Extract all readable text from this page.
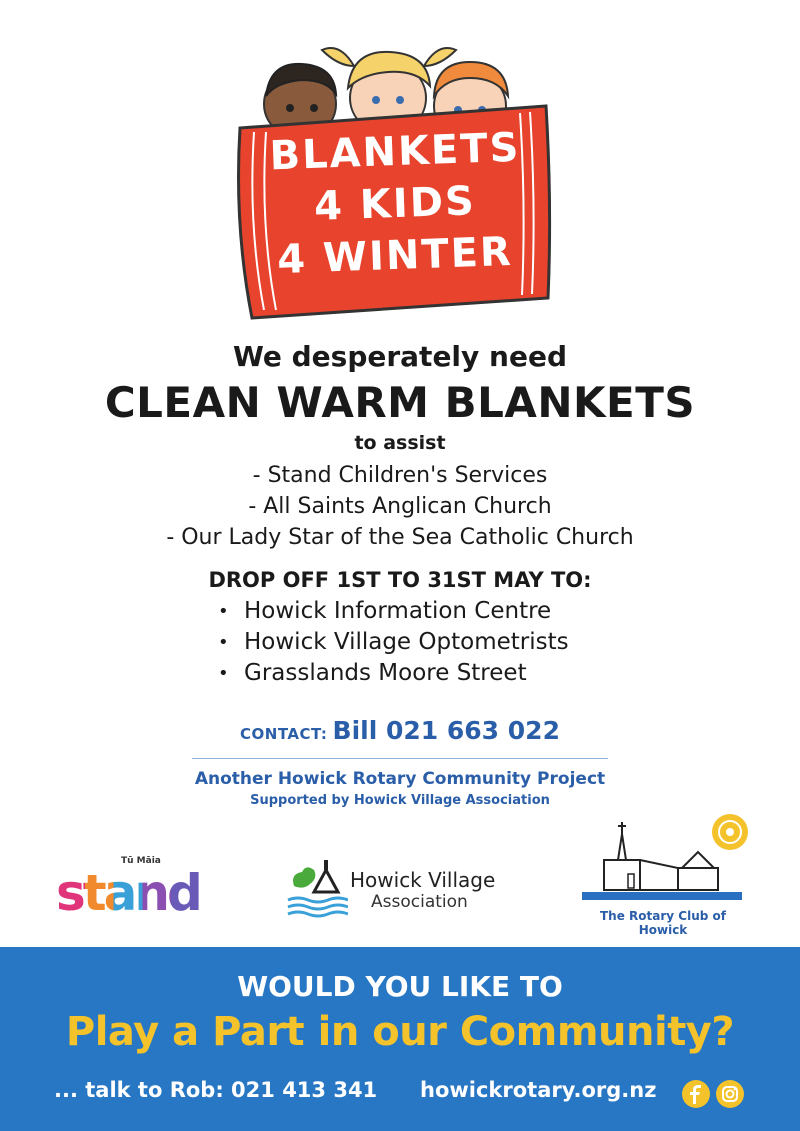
BLANKETS
4 KIDS
4 WINTER
We desperately need
CLEAN WARM BLANKETS
to assist
- Stand Children's Services
- All Saints Anglican Church
- Our Lady Star of the Sea Catholic Church
DROP OFF 1ST TO 31ST MAY TO:
• Howick Information Centre
• Howick Village Optometrists
• Grasslands Moore Street
CONTACT: Bill 021 663 022
Another Howick Rotary Community Project
Supported by Howick Village Association
Tū Māia
stand	Howick Village
Association
The Rotary Club of Howick
WOULD YOU LIKE TO
Play a Part in our Community?
... talk to Rob: 021 413 341 howickrotary.org.nz
